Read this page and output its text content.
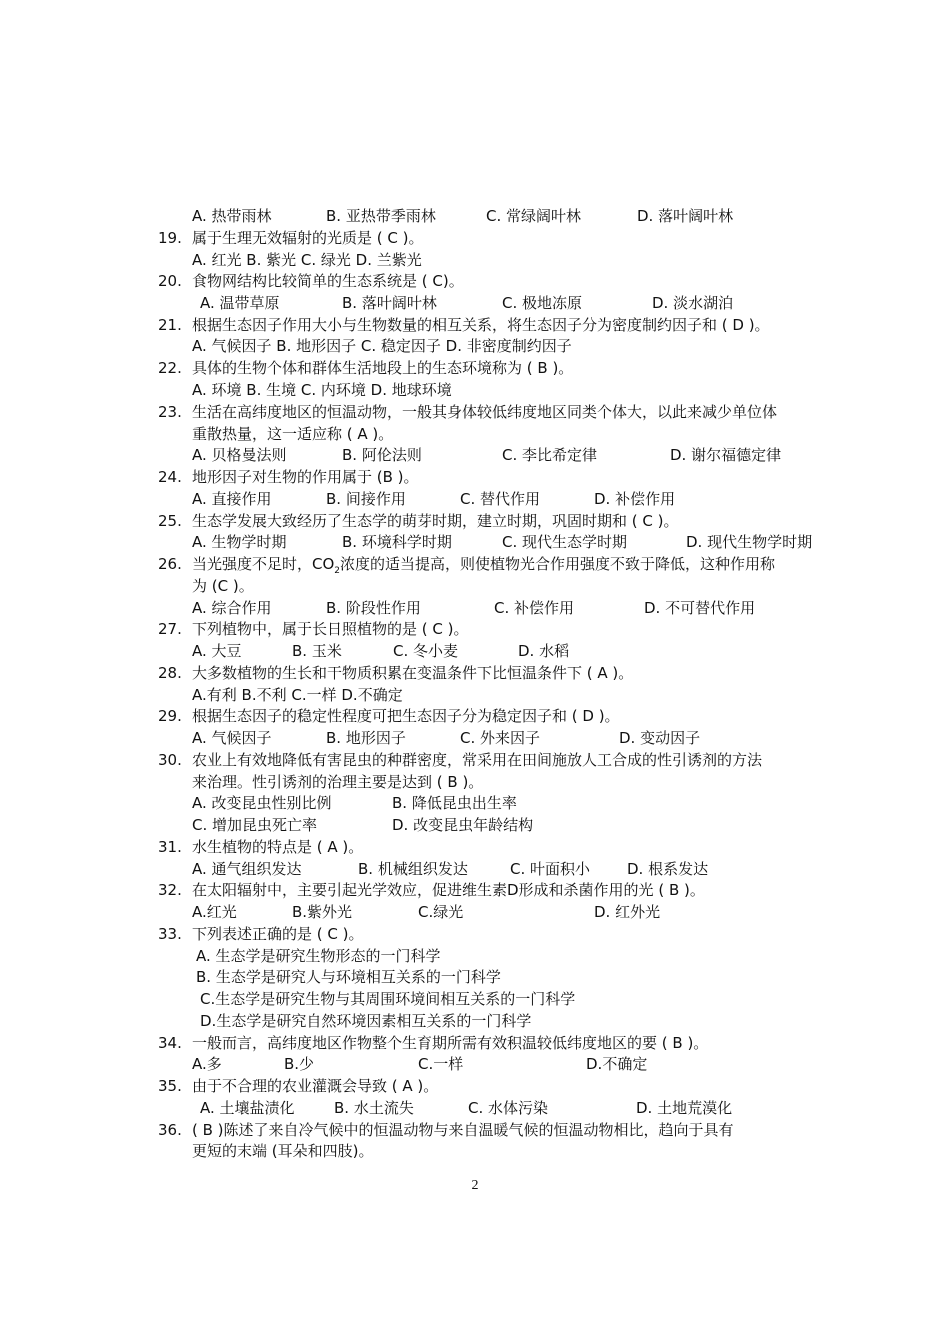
A. 热带雨林	B. 亚热带季雨林	C. 常绿阔叶林	D. 落叶阔叶林
19. 属于生理无效辐射的光质是 ( C )。
A. 红光 B. 紫光 C. 绿光 D. 兰紫光
20. 食物网结构比较简单的生态系统是 ( C)。
A. 温带草原	B. 落叶阔叶林	C. 极地冻原	D. 淡水湖泊
21. 根据生态因子作用大小与生物数量的相互关系，将生态因子分为密度制约因子和 ( D )。
A. 气候因子 B. 地形因子 C. 稳定因子 D. 非密度制约因子
22. 具体的生物个体和群体生活地段上的生态环境称为 ( B )。
A. 环境 B. 生境 C. 内环境 D. 地球环境
23. 生活在高纬度地区的恒温动物，一般其身体较低纬度地区同类个体大，以此来减少单位体
重散热量，这一适应称 ( A )。
A. 贝格曼法则	B. 阿伦法则	C. 李比希定律	D. 谢尔福德定律
24. 地形因子对生物的作用属于 (B )。
A. 直接作用	B. 间接作用	C. 替代作用	D. 补偿作用
25. 生态学发展大致经历了生态学的萌芽时期，建立时期，巩固时期和 ( C )。
A. 生物学时期	B. 环境科学时期	C. 现代生态学时期	D. 现代生物学时期
26. 当光强度不足时，$CO_2$浓度的适当提高，则使植物光合作用强度不致于降低，这种作用称
为 (C )。
A. 综合作用	B. 阶段性作用	C. 补偿作用	D. 不可替代作用
27. 下列植物中，属于长日照植物的是 ( C )。
A. 大豆	B. 玉米	C. 冬小麦	D. 水稻
28. 大多数植物的生长和干物质积累在变温条件下比恒温条件下 ( A )。
A.有利 B.不利 C.一样 D.不确定
29. 根据生态因子的稳定性程度可把生态因子分为稳定因子和 ( D )。
A. 气候因子	B. 地形因子	C. 外来因子	D. 变动因子
30. 农业上有效地降低有害昆虫的种群密度，常采用在田间施放人工合成的性引诱剂的方法
来治理。性引诱剂的治理主要是达到 ( B )。
A. 改变昆虫性别比例	B. 降低昆虫出生率
C. 增加昆虫死亡率	D. 改变昆虫年龄结构
31. 水生植物的特点是 ( A )。
A. 通气组织发达	B. 机械组织发达	C. 叶面积小 D. 根系发达
32. 在太阳辐射中，主要引起光学效应，促进维生素D形成和杀菌作用的光 ( B )。
A.红光	B.紫外光	C.绿光	D. 红外光
33. 下列表述正确的是 ( C )。
A. 生态学是研究生物形态的一门科学
B. 生态学是研究人与环境相互关系的一门科学
C.生态学是研究生物与其周围环境间相互关系的一门科学
D.生态学是研究自然环境因素相互关系的一门科学
34. 一般而言，高纬度地区作物整个生育期所需有效积温较低纬度地区的要 ( B )。
A.多	B.少	C.一样	D.不确定
35. 由于不合理的农业灌溉会导致 ( A )。
A. 土壤盐渍化	B. 水土流失	C. 水体污染	D. 土地荒漠化
36. ( B )陈述了来自冷气候中的恒温动物与来自温暖气候的恒温动物相比，趋向于具有
更短的末端 (耳朵和四肢)。
2
